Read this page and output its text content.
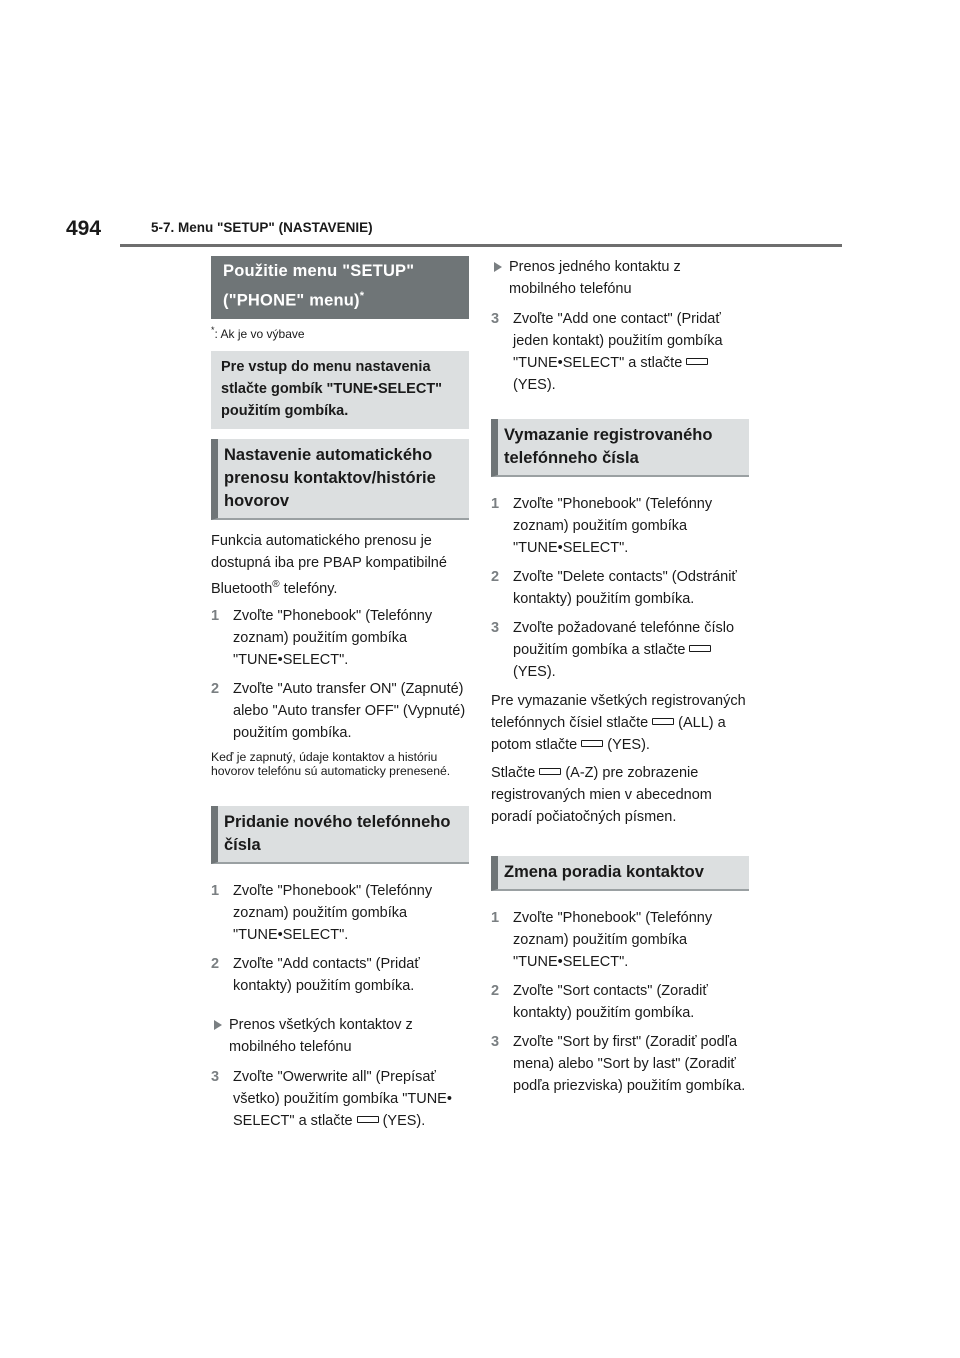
494	5-7. Menu "SETUP" (NASTAVENIE)
Použitie menu "SETUP"
("PHONE" menu)*
*: Ak je vo výbave
Pre vstup do menu nastavenia stlačte gombík "TUNE•SELECT" použitím gombíka.
Nastavenie automatického prenosu kontaktov/histórie hovorov

Funkcia automatického prenosu je dostupná iba pre PBAP kompatibilné Bluetooth® telefóny.

1 Zvoľte "Phonebook" (Telefónny zoznam) použitím gombíka "TUNE•SELECT".
2 Zvoľte "Auto transfer ON" (Zapnuté) alebo "Auto transfer OFF" (Vypnuté) použitím gombíka.

Keď je zapnutý, údaje kontaktov a históriu hovorov telefónu sú automaticky prenesené.

Pridanie nového telefónneho čísla
1 Zvoľte "Phonebook" (Telefónny zoznam) použitím gombíka "TUNE•SELECT".
2 Zvoľte "Add contacts" (Pridať kontakty) použitím gombíka.
Prenos všetkých kontaktov z mobilného telefónu
3 Zvoľte "Owerwrite all" (Prepísať všetko) použitím gombíka "TUNE• SELECT" a stlačte (YES).
Prenos jedného kontaktu z mobilného telefónu
3 Zvoľte "Add one contact" (Pridať jeden kontakt) použitím gombíka "TUNE•SELECT" a stlačte(YES).
Vymazanie registrovaného telefónneho čísla
1 Zvoľte "Phonebook" (Telefónny zoznam) použitím gombíka "TUNE•SELECT".
2 Zvoľte "Delete contacts" (Odstrániť kontakty) použitím gombíka.
3 Zvoľte požadované telefónne číslo použitím gombíka a stlačte(YES).

Pre vymazanie všetkých registrovaných telefónnych čísiel stlačte (ALL) a potom stlačte (YES).

Stlačte (A-Z) pre zobrazenie registrovaných mien v abecednom poradí počiatočných písmen.

Zmena poradia kontaktov
1 Zvoľte "Phonebook" (Telefónny zoznam) použitím gombíka "TUNE•SELECT".
2 Zvoľte "Sort contacts" (Zoradiť kontakty) použitím gombíka.
3 Zvoľte "Sort by first" (Zoradiť podľa mena) alebo "Sort by last" (Zoradiť podľa priezviska) použitím gombíka.
